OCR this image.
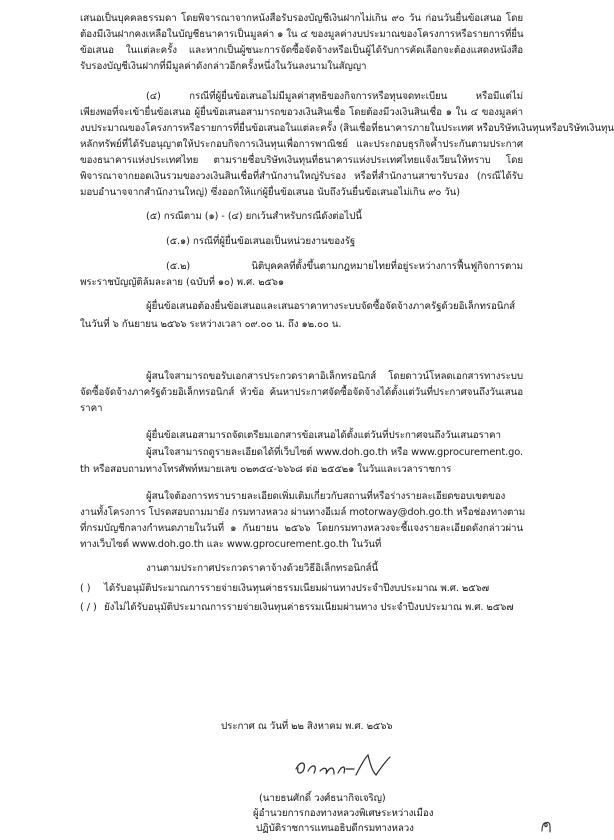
เสนอเป็นบุคคลธรรมดา โดยพิจารณาจากหนังสือรับรองบัญชีเงินฝากไม่เกิน ๙๐ วัน ก่อนวันยื่นข้อเสนอ โดย
ต้องมีเงินฝากคงเหลือในบัญชีธนาคารเป็นมูลค่า ๑ ใน ๔ ของมูลค่างบประมาณของโครงการหรือรายการที่ยื่น
ข้อเสนอ ในแต่ละครั้ง และหากเป็นผู้ชนะการจัดซื้อจัดจ้างหรือเป็นผู้ได้รับการคัดเลือกจะต้องแสดงหนังสือ
รับรองบัญชีเงินฝากที่มีมูลค่าดังกล่าวอีกครั้งหนึ่งในวันลงนามในสัญญา
(๔) กรณีที่ผู้ยื่นข้อเสนอไม่มีมูลค่าสุทธิของกิจการหรือทุนจดทะเบียน หรือมีแต่ไม่
เพียงพอที่จะเข้ายื่นข้อเสนอ ผู้ยื่นข้อเสนอสามารถขอวงเงินสินเชื่อ โดยต้องมีวงเงินสินเชื่อ ๑ ใน ๔ ของมูลค่า
งบประมาณของโครงการหรือรายการที่ยื่นข้อเสนอในแต่ละครั้ง (สินเชื่อที่ธนาคารภายในประเทศ หรือบริษัทเงินทุนหรือบริษัทเงินทุน
หลักทรัพย์ที่ได้รับอนุญาตให้ประกอบกิจการเงินทุนเพื่อการพาณิชย์ และประกอบธุรกิจค้ำประกันตามประกาศ
ของธนาคารแห่งประเทศไทย ตามรายชื่อบริษัทเงินทุนที่ธนาคารแห่งประเทศไทยแจ้งเวียนให้ทราบ โดย
พิจารณาจากยอดเงินรวมของวงเงินสินเชื่อที่สำนักงานใหญ่รับรอง หรือที่สำนักงานสาขารับรอง (กรณีได้รับ
มอบอำนาจจากสำนักงานใหญ่) ซึ่งออกให้แก่ผู้ยื่นข้อเสนอ นับถึงวันยื่นข้อเสนอไม่เกิน ๙๐ วัน)
(๕) กรณีตาม (๑) - (๔) ยกเว้นสำหรับกรณีดังต่อไปนี้
(๕.๑) กรณีที่ผู้ยื่นข้อเสนอเป็นหน่วยงานของรัฐ
(๕.๒) นิติบุคคลที่ตั้งขึ้นตามกฎหมายไทยที่อยู่ระหว่างการฟื้นฟูกิจการตาม
พระราชบัญญัติล้มละลาย (ฉบับที่ ๑๐) พ.ศ. ๒๕๖๑
ผู้ยื่นข้อเสนอต้องยื่นข้อเสนอและเสนอราคาทางระบบจัดซื้อจัดจ้างภาครัฐด้วยอิเล็กทรอนิกส์
ในวันที่ ๖ กันยายน ๒๕๖๖ ระหว่างเวลา ๐๙.๐๐ น. ถึง ๑๒.๐๐ น.
ผู้สนใจสามารถขอรับเอกสารประกวดราคาอิเล็กทรอนิกส์ โดยดาวน์โหลดเอกสารทางระบบ
จัดซื้อจัดจ้างภาครัฐด้วยอิเล็กทรอนิกส์ หัวข้อ ค้นหาประกาศจัดซื้อจัดจ้างได้ตั้งแต่วันที่ประกาศจนถึงวันเสนอ
ราคา
ผู้ยื่นข้อเสนอสามารถจัดเตรียมเอกสารข้อเสนอได้ตั้งแต่วันที่ประกาศจนถึงวันเสนอราคา
ผู้สนใจสามารถดูรายละเอียดได้ที่เว็บไซต์ www.doh.go.th หรือ www.gprocurement.go.
th หรือสอบถามทางโทรศัพท์หมายเลข ๐๒๓๕๔-๖๖๖๘ ต่อ ๒๕๕๒๑ ในวันและเวลาราชการ
ผู้สนใจต้องการทราบรายละเอียดเพิ่มเติมเกี่ยวกับสถานที่หรือร่างรายละเอียดขอบเขตของ
งานทั้งโครงการ โปรดสอบถามมายัง กรมทางหลวง ผ่านทางอีเมล์ motorway@doh.go.th หรือช่องทางตาม
ที่กรมบัญชีกลางกำหนดภายในวันที่ ๑ กันยายน ๒๕๖๖ โดยกรมทางหลวงจะชี้แจงรายละเอียดดังกล่าวผ่าน
ทางเว็บไซต์ www.doh.go.th และ www.gprocurement.go.th ในวันที่
งานตามประกาศประกวดราคาจ้างด้วยวิธีอิเล็กทรอนิกส์นี้
( )	ได้รับอนุมัติประมาณการรายจ่ายเงินทุนค่าธรรมเนียมผ่านทางประจำปีงบประมาณ พ.ศ. ๒๕๖๗
( / ) ยังไม่ได้รับอนุมัติประมาณการรายจ่ายเงินทุนค่าธรรมเนียมผ่านทาง ประจำปีงบประมาณ พ.ศ. ๒๕๖๗
ประกาศ ณ วันที่ ๒๒ สิงหาคม พ.ศ. ๒๕๖๖
(นายธนศักดิ์ วงศ์ธนากิจเจริญ)
ผู้อำนวยการกองทางหลวงพิเศษระหว่างเมือง
ปฏิบัติราชการแทนอธิบดีกรมทางหลวง
